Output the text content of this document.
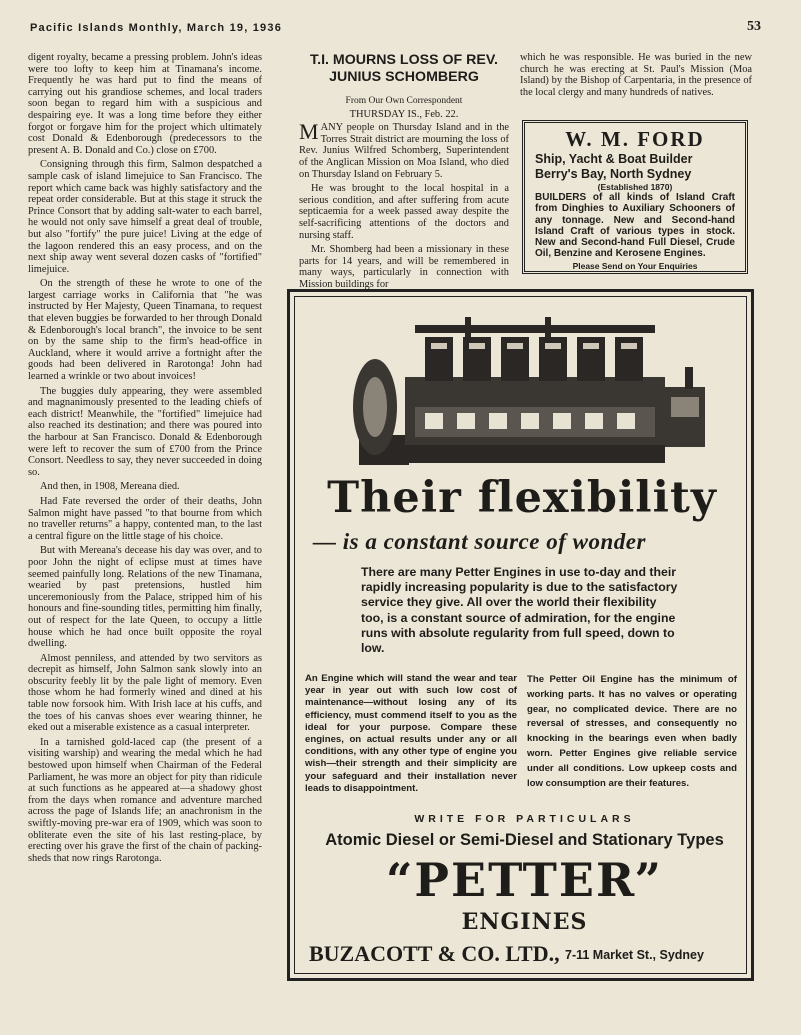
Pacific Islands Monthly, March 19, 1936	53

digent royalty, became a pressing problem. John's ideas were too lofty to keep him at Tinamana's income. Frequently he was hard put to find the means of carrying out his grandiose schemes, and local traders soon began to regard him with a suspicious and despairing eye. It was a long time before they either forgot or forgave him for the project which ultimately cost Donald & Edenborough (predecessors to the present A. B. Donald and Co.) close on £700.

Consigning through this firm, Salmon despatched a sample cask of island limejuice to San Francisco. The report which came back was highly satisfactory and the repeat order considerable. But at this stage it struck the Prince Consort that by adding salt-water to each barrel, he would not only save himself a great deal of trouble, but also "fortify" the pure juice! Living at the edge of the lagoon rendered this an easy process, and on the next ship away went several dozen casks of "fortified" limejuice.

On the strength of these he wrote to one of the largest carriage works in California that "he was instructed by Her Majesty, Queen Tinamana, to request that eleven buggies be forwarded to her through Donald & Edenborough's local branch", the invoice to be sent on by the same ship to the firm's head-office in Auckland, where it would arrive a fortnight after the goods had been delivered in Rarotonga! John had learned a wrinkle or two about invoices!

The buggies duly appearing, they were assembled and magnanimously presented to the leading chiefs of each district! Meanwhile, the "fortified" limejuice had also reached its destination; and there was poured into the harbour at San Francisco. Donald & Edenborough were left to recover the sum of £700 from the Prince Consort. Needless to say, they never succeeded in doing so.

And then, in 1908, Mereana died.

Had Fate reversed the order of their deaths, John Salmon might have passed "to that bourne from which no traveller returns" a happy, contented man, to the last a central figure on the little stage of his choice.

But with Mereana's decease his day was over, and to poor John the night of eclipse must at times have seemed painfully long. Relations of the new Tinamana, wearied by past pretensions, hustled him unceremoniously from the Palace, stripped him of his honours and fine-sounding titles, permitting him finally, out of respect for the late Queen, to occupy a little house which he had once built opposite the royal dwelling.

Almost penniless, and attended by two servitors as decrepit as himself, John Salmon sank slowly into an obscurity feebly lit by the pale light of memory. Even those whom he had formerly wined and dined at his table now forsook him. With Irish lace at his cuffs, and the toes of his canvas shoes ever wearing thinner, he eked out a miserable existence as a casual interpreter.

In a tarnished gold-laced cap (the present of a visiting warship) and wearing the medal which he had bestowed upon himself when Chairman of the Federal Parliament, he was more an object for pity than ridicule at such functions as he appeared at—a shadowy ghost from the days when romance and adventure marched across the page of Islands life; an anachronism in the swiftly-moving pre-war era of 1909, which was soon to obliterate even the site of his last resting-place, by erecting over his grave the first of the chain of packing-sheds that now rings Rarotonga.

T.I. MOURNS LOSS OF REV. JUNIUS SCHOMBERG
From Our Own Correspondent
THURSDAY IS., Feb. 22.

MANY people on Thursday Island and in the Torres Strait district are mourning the loss of Rev. Junius Wilfred Schomberg, Superintendent of the Anglican Mission on Moa Island, who died on Thursday Island on February 5.

He was brought to the local hospital in a serious condition, and after suffering from acute septicaemia for a week passed away despite the self-sacrificing attentions of the doctors and nursing staff.

Mr. Shomberg had been a missionary in these parts for 14 years, and will be remembered in many ways, particularly in connection with Mission buildings for

which he was responsible. He was buried in the new church he was erecting at St. Paul's Mission (Moa Island) by the Bishop of Carpentaria, in the presence of the local clergy and many hundreds of natives.

W. M. FORD
Ship, Yacht & Boat Builder
Berry's Bay, North Sydney
(Established 1870)
BUILDERS of all kinds of Island Craft from Dinghies to Auxiliary Schooners of any tonnage. New and Second-hand Island Craft of various types in stock. New and Second-hand Full Diesel, Crude Oil, Benzine and Kerosene Engines.
Please Send on Your Enquiries
Their flexibility
— is a constant source of wonder
There are many Petter Engines in use to-day and their rapidly increasing popularity is due to the satisfactory service they give. All over the world their flexibility too, is a constant source of admiration, for the engine runs with absolute regularity from full speed, down to low.
An Engine which will stand the wear and tear year in year out with such low cost of maintenance—without losing any of its efficiency, must commend itself to you as the ideal for your purpose. Compare these engines, on actual results under any or all conditions, with any other type of engine you wish—their strength and their simplicity are your safeguard and their installation never leads to disappointment.
The Petter Oil Engine has the minimum of working parts. It has no valves or operating gear, no complicated device. There are no reversal of stresses, and consequently no knocking in the bearings even when badly worn. Petter Engines give reliable service under all conditions. Low upkeep costs and low consumption are their features.
WRITE FOR PARTICULARS
Atomic Diesel or Semi-Diesel and Stationary Types
“PETTER”
ENGINES
BUZACOTT & CO. LTD., 7-11 Market St., Sydney
